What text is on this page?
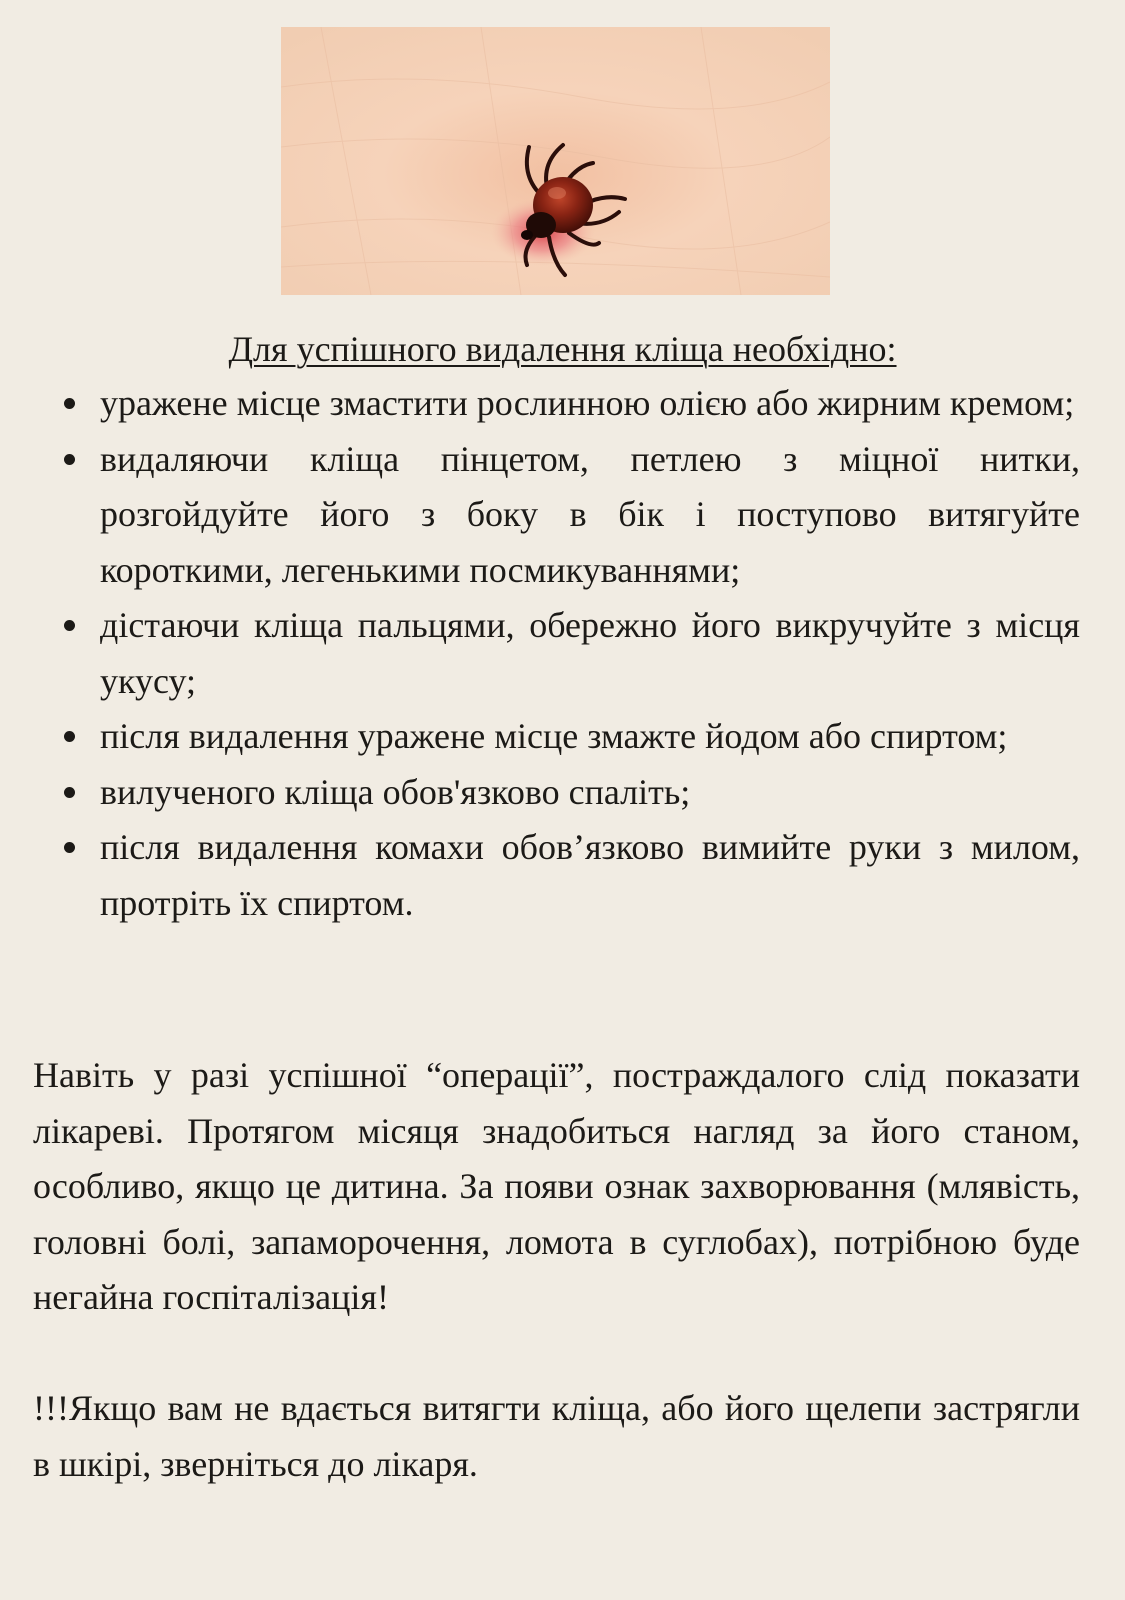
Для успішного видалення кліща необхідно:
уражене місце змастити рослинною олією або жирним кремом;
видаляючи кліща пінцетом, петлею з міцної нитки, розгойдуйте його з боку в бік і поступово витягуйте короткими, легенькими посмикуваннями;
дістаючи кліща пальцями, обережно його викручуйте з місця укусу;
після видалення уражене місце змажте йодом або спиртом;
вилученого кліща обов'язково спаліть;
після видалення комахи обов’язково вимийте руки з милом, протріть їх спиртом.

Навіть у разі успішної “операції”, постраждалого слід показати лікареві. Протягом місяця знадобиться нагляд за його станом, особливо, якщо це дитина. За появи ознак захворювання (млявість, головні болі, запаморочення, ломота в суглобах), потрібною буде негайна госпіталізація!

!!!Якщо вам не вдається витягти кліща, або його щелепи застрягли в шкірі, зверніться до лікаря.
